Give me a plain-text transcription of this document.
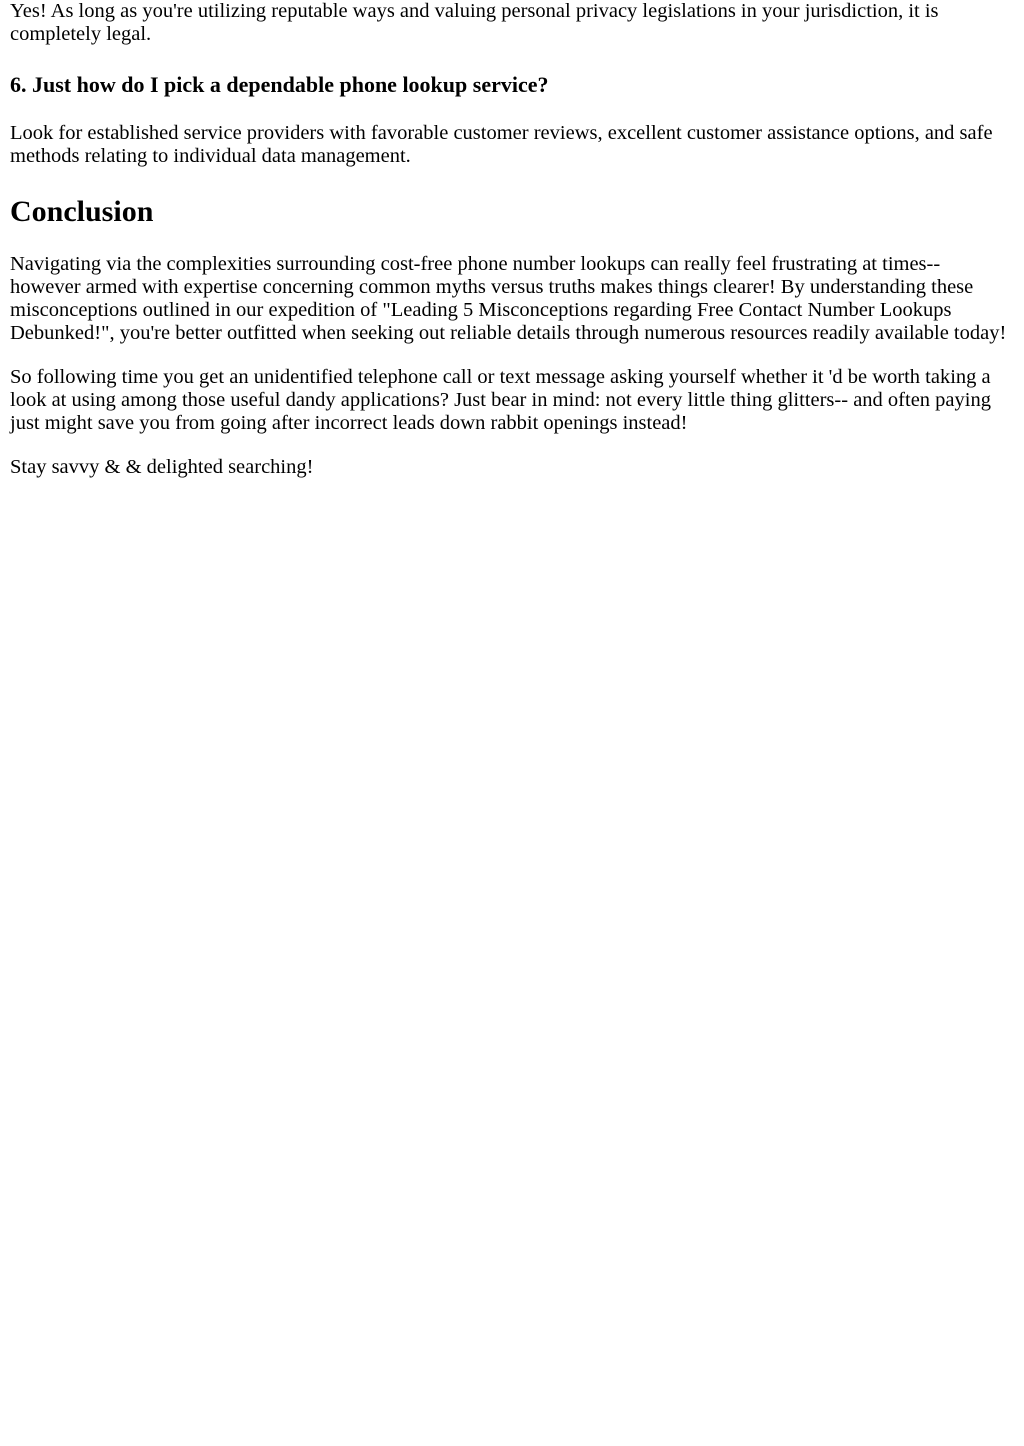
Yes! As long as you're utilizing reputable ways and valuing personal privacy legislations in your jurisdiction, it is completely legal.

6. Just how do I pick a dependable phone lookup service?

Look for established service providers with favorable customer reviews, excellent customer assistance options, and safe methods relating to individual data management.

Conclusion

Navigating via the complexities surrounding cost-free phone number lookups can really feel frustrating at times-- however armed with expertise concerning common myths versus truths makes things clearer! By understanding these misconceptions outlined in our expedition of "Leading 5 Misconceptions regarding Free Contact Number Lookups Debunked!", you're better outfitted when seeking out reliable details through numerous resources readily available today!

So following time you get an unidentified telephone call or text message asking yourself whether it 'd be worth taking a look at using among those useful dandy applications? Just bear in mind: not every little thing glitters-- and often paying just might save you from going after incorrect leads down rabbit openings instead!

Stay savvy & & delighted searching!
